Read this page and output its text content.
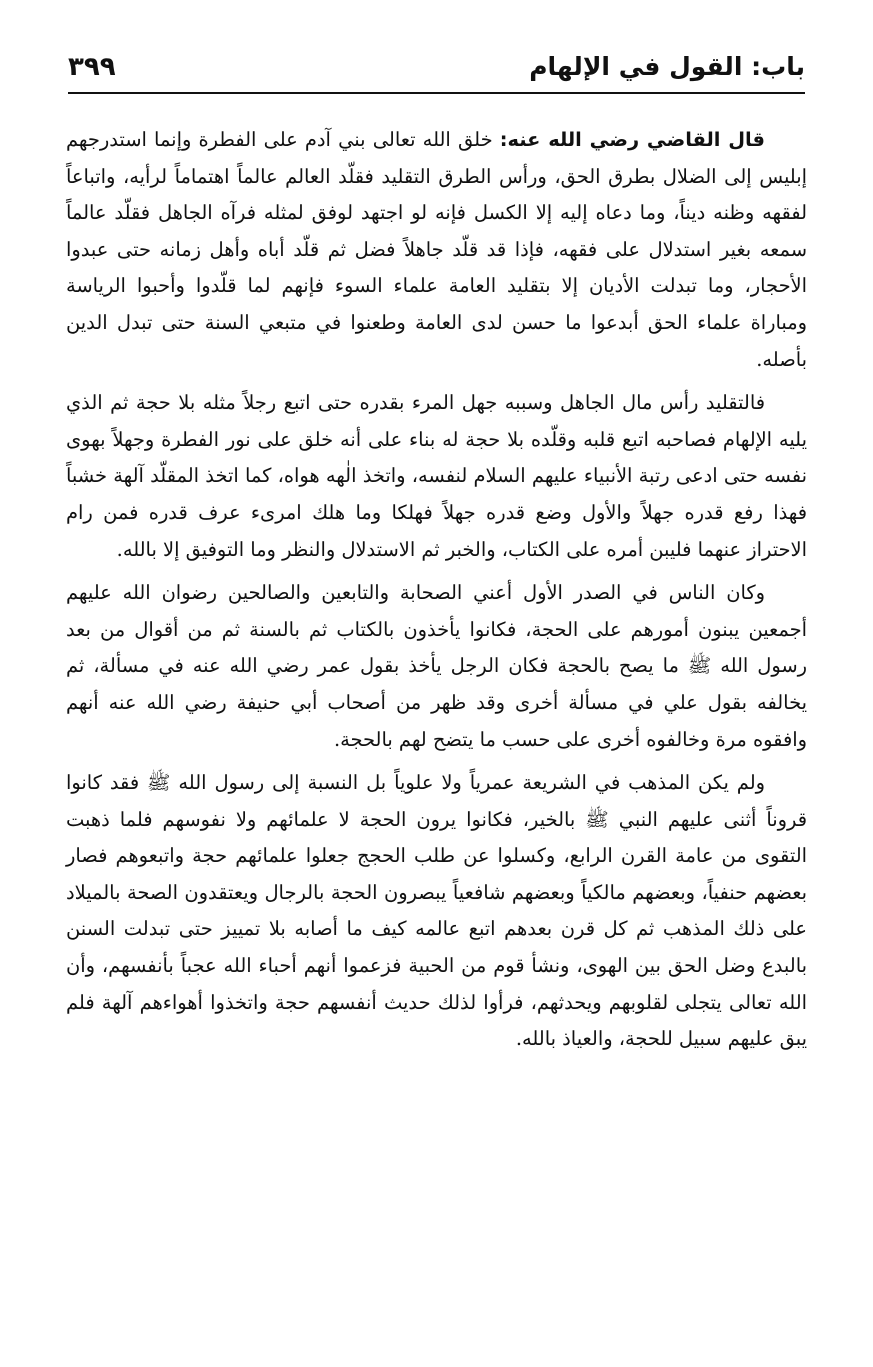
باب: القول في الإلهام
٣٩٩

قال القاضي رضي الله عنه: خلق الله تعالى بني آدم على الفطرة وإنما استدرجهم إبليس إلى الضلال بطرق الحق، ورأس الطرق التقليد فقلّد العالم عالماً اهتماماً لرأيه، واتباعاً لفقهه وظنه ديناً، وما دعاه إليه إلا الكسل فإنه لو اجتهد لوفق لمثله فرآه الجاهل فقلّد عالماً سمعه بغير استدلال على فقهه، فإذا قد قلّد جاهلاً فضل ثم قلّد أباه وأهل زمانه حتى عبدوا الأحجار، وما تبدلت الأديان إلا بتقليد العامة علماء السوء فإنهم لما قلّدوا وأحبوا الرياسة ومباراة علماء الحق أبدعوا ما حسن لدى العامة وطعنوا في متبعي السنة حتى تبدل الدين بأصله.

فالتقليد رأس مال الجاهل وسببه جهل المرء بقدره حتى اتبع رجلاً مثله بلا حجة ثم الذي يليه الإلهام فصاحبه اتبع قلبه وقلّده بلا حجة له بناء على أنه خلق على نور الفطرة وجهلاً بهوى نفسه حتى ادعى رتبة الأنبياء عليهم السلام لنفسه، واتخذ الٰهه هواه، كما اتخذ المقلّد آلهة خشباً فهذا رفع قدره جهلاً والأول وضع قدره جهلاً فهلكا وما هلك امرىء عرف قدره فمن رام الاحتراز عنهما فليبن أمره على الكتاب، والخبر ثم الاستدلال والنظر وما التوفيق إلا بالله.

وكان الناس في الصدر الأول أعني الصحابة والتابعين والصالحين رضوان الله عليهم أجمعين يبنون أمورهم على الحجة، فكانوا يأخذون بالكتاب ثم بالسنة ثم من أقوال من بعد رسول الله ﷺ ما يصح بالحجة فكان الرجل يأخذ بقول عمر رضي الله عنه في مسألة، ثم يخالفه بقول علي في مسألة أخرى وقد ظهر من أصحاب أبي حنيفة رضي الله عنه أنهم وافقوه مرة وخالفوه أخرى على حسب ما يتضح لهم بالحجة.

ولم يكن المذهب في الشريعة عمرياً ولا علوياً بل النسبة إلى رسول الله ﷺ فقد كانوا قروناً أثنى عليهم النبي ﷺ بالخير، فكانوا يرون الحجة لا علمائهم ولا نفوسهم فلما ذهبت التقوى من عامة القرن الرابع، وكسلوا عن طلب الحجج جعلوا علمائهم حجة واتبعوهم فصار بعضهم حنفياً، وبعضهم مالكياً وبعضهم شافعياً يبصرون الحجة بالرجال ويعتقدون الصحة بالميلاد على ذلك المذهب ثم كل قرن بعدهم اتبع عالمه كيف ما أصابه بلا تمييز حتى تبدلت السنن بالبدع وضل الحق بين الهوى، ونشأ قوم من الحبية فزعموا أنهم أحباء الله عجباً بأنفسهم، وأن الله تعالى يتجلى لقلوبهم ويحدثهم، فرأوا لذلك حديث أنفسهم حجة واتخذوا أهواءهم آلهة فلم يبق عليهم سبيل للحجة، والعياذ بالله.
